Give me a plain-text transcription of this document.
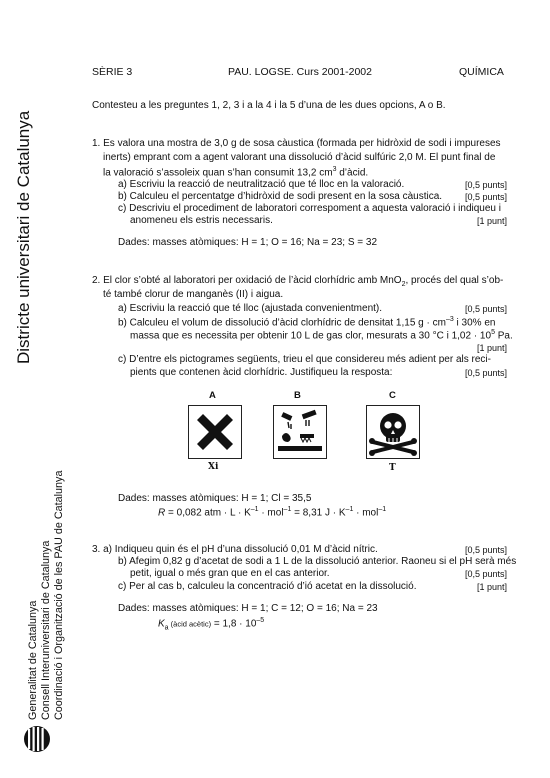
SÈRIE 3	PAU. LOGSE. Curs 2001-2002	QUÍMICA
Districte universitari de Catalunya
Generalitat de Catalunya Consell Interuniversitari de Catalunya Coordinació i Organització de les PAU de Catalunya
Contesteu a les preguntes 1, 2, 3 i a la 4 i la 5 d’una de les dues opcions, A o B.
1. Es valora una mostra de 3,0 g de sosa càustica (formada per hidròxid de sodi i impureses
inerts) emprant com a agent valorant una dissolució d’àcid sulfúric 2,0 M. El punt final de
la valoració s’assoleix quan s’han consumit 13,2 $cm^3$ d’àcid.
a) Escriviu la reacció de neutralització que té lloc en la valoració.	[0,5 punts]
b) Calculeu el percentatge d’hidròxid de sodi present en la sosa càustica.	[0,5 punts]
c) Descriviu el procediment de laboratori correspoment a aquesta valoració i indiqueu i
anomeneu els estris necessaris.	[1 punt]
Dades: masses atòmiques: H = 1; O = 16; Na = 23; S = 32
2. El clor s’obté al laboratori per oxidació de l’àcid clorhídric amb MnO$_2$, procés del qual s’ob-
té també clorur de manganès (II) i aigua.
a) Escriviu la reacció que té lloc (ajustada convenientment).	[0,5 punts]
b) Calculeu el volum de dissolució d’àcid clorhídric de densitat 1,15 $g \cdot cm^{-3}$ i 30% en
massa que es necessita per obtenir 10 L de gas clor, mesurats a 30 °C i $1,02 \cdot 10^5$ Pa.
[1 punt]
c) D’entre els pictogrames següents, trieu el que considereu més adient per als reci-
pients que contenen àcid clorhídric. Justifiqueu la resposta:	[0,5 punts]
A	B	C
Xi	T
Dades: masses atòmiques: H = 1; Cl = 35,5
R = 0,082 atm · $L \cdot K^{-1} \cdot mol^{-1} = 8,31$ $J \cdot K^{-1} \cdot mol^{-1}$
3. a) Indiqueu quin és el pH d’una dissolució 0,01 M d’àcid nítric.	[0,5 punts]
b) Afegim 0,82 g d’acetat de sodi a 1 L de la dissolució anterior. Raoneu si el pH serà més
petit, igual o més gran que en el cas anterior.	[0,5 punts]
c) Per al cas b, calculeu la concentració d’ió acetat en la dissolució.	[1 punt]
Dades: masses atòmiques: H = 1; C = 12; O = 16; Na = 23
$K_a$ (àcid acètic) = $1,8 \cdot 10^{-5}$
